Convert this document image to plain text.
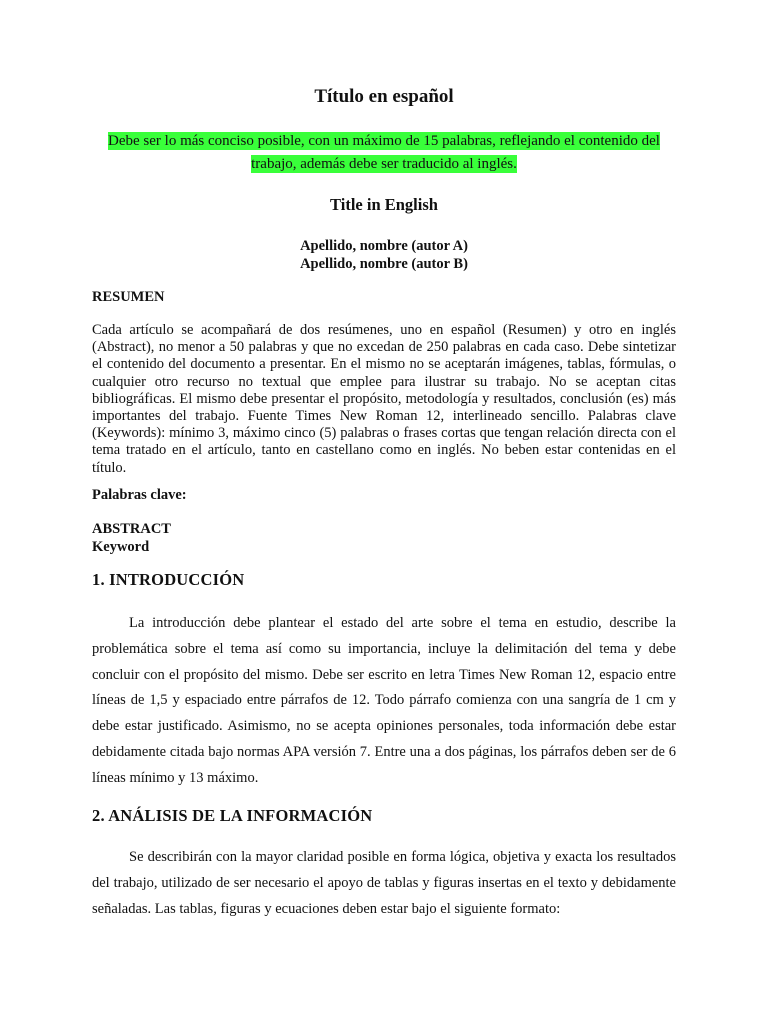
Título en español
Debe ser lo más conciso posible, con un máximo de 15 palabras, reflejando el contenido del trabajo, además debe ser traducido al inglés.
Title in English
Apellido, nombre (autor A)
Apellido, nombre (autor B)
RESUMEN

Cada artículo se acompañará de dos resúmenes, uno en español (Resumen) y otro en inglés (Abstract), no menor a 50 palabras y que no excedan de 250 palabras en cada caso. Debe sintetizar el contenido del documento a presentar. En el mismo no se aceptarán imágenes, tablas, fórmulas, o cualquier otro recurso no textual que emplee para ilustrar su trabajo. No se aceptan citas bibliográficas. El mismo debe presentar el propósito, metodología y resultados, conclusión (es) más importantes del trabajo. Fuente Times New Roman 12, interlineado sencillo. Palabras clave (Keywords): mínimo 3, máximo cinco (5) palabras o frases cortas que tengan relación directa con el tema tratado en el artículo, tanto en castellano como en inglés. No beben estar contenidas en el título.

Palabras clave:
ABSTRACT
Keyword
1. INTRODUCCIÓN

La introducción debe plantear el estado del arte sobre el tema en estudio, describe la problemática sobre el tema así como su importancia, incluye la delimitación del tema y debe concluir con el propósito del mismo. Debe ser escrito en letra Times New Roman 12, espacio entre líneas de 1,5 y espaciado entre párrafos de 12. Todo párrafo comienza con una sangría de 1 cm y debe estar justificado. Asimismo, no se acepta opiniones personales, toda información debe estar debidamente citada bajo normas APA versión 7. Entre una a dos páginas, los párrafos deben ser de 6 líneas mínimo y 13 máximo.

2. ANÁLISIS DE LA INFORMACIÓN

Se describirán con la mayor claridad posible en forma lógica, objetiva y exacta los resultados del trabajo, utilizado de ser necesario el apoyo de tablas y figuras insertas en el texto y debidamente señaladas. Las tablas, figuras y ecuaciones deben estar bajo el siguiente formato:
